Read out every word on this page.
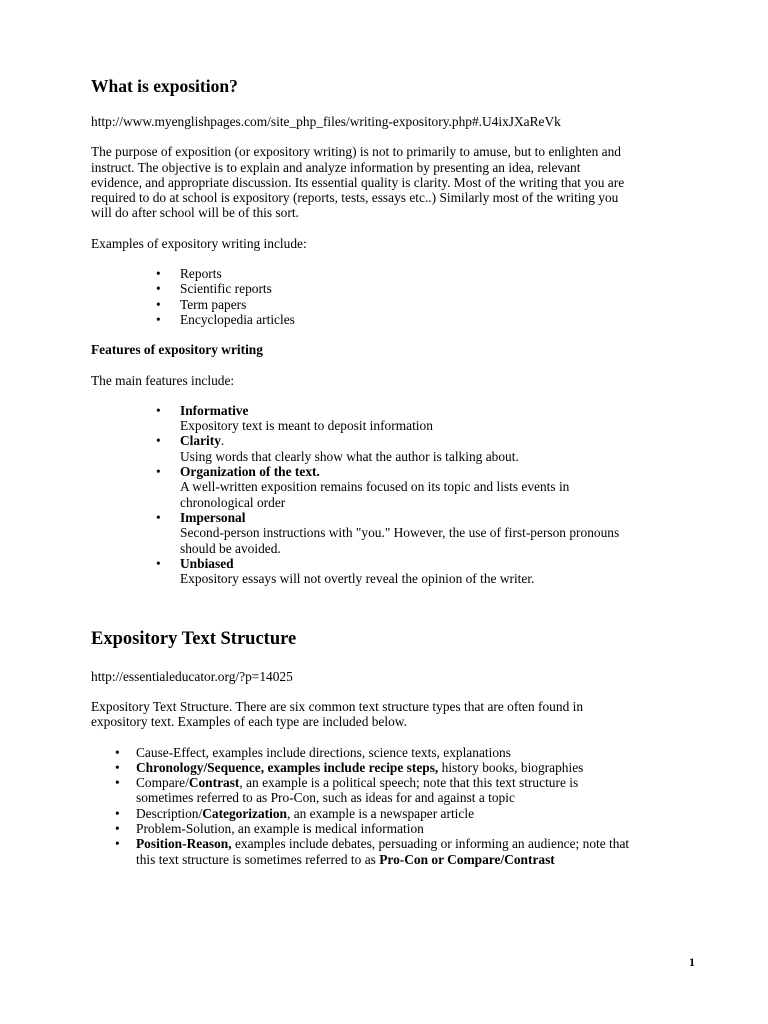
What is exposition?

http://www.myenglishpages.com/site_php_files/writing-expository.php#.U4ixJXaReVk

The purpose of exposition (or expository writing) is not to primarily to amuse, but to enlighten and
instruct. The objective is to explain and analyze information by presenting an idea, relevant
evidence, and appropriate discussion. Its essential quality is clarity. Most of the writing that you are
required to do at school is expository (reports, tests, essays etc..) Similarly most of the writing you
will do after school will be of this sort.

Examples of expository writing include:

• Reports
• Scientific reports
• Term papers
• Encyclopedia articles

Features of expository writing

The main features include:

• Informative
Expository text is meant to deposit information
• Clarity.
Using words that clearly show what the author is talking about.
• Organization of the text.
A well-written exposition remains focused on its topic and lists events in
chronological order
• Impersonal
Second-person instructions with "you." However, the use of first-person pronouns
should be avoided.
• Unbiased
Expository essays will not overtly reveal the opinion of the writer.
Expository Text Structure

http://essentialeducator.org/?p=14025

Expository Text Structure. There are six common text structure types that are often found in
expository text. Examples of each type are included below.

• Cause-Effect, examples include directions, science texts, explanations
• Chronology/Sequence, examples include recipe steps, history books, biographies
• Compare/Contrast, an example is a political speech; note that this text structure is
sometimes referred to as Pro-Con, such as ideas for and against a topic
• Description/Categorization, an example is a newspaper article
• Problem-Solution, an example is medical information
• Position-Reason, examples include debates, persuading or informing an audience; note that
this text structure is sometimes referred to as Pro-Con or Compare/Contrast
1
